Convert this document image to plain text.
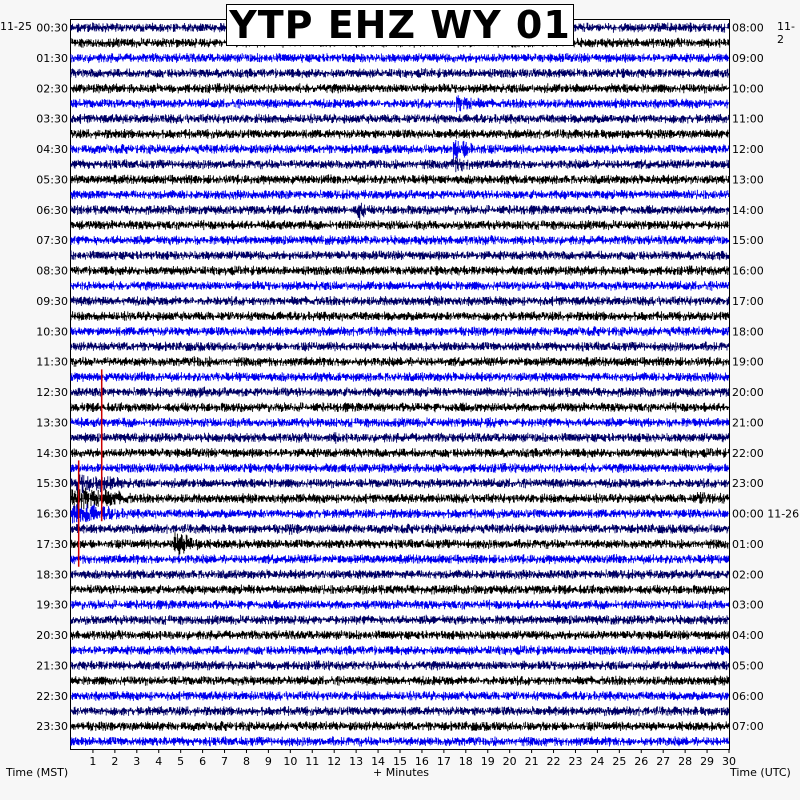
11-25	11-2
1 2 3 4 5 6 7 8 9 10 11 12 13 14 15 16 17 18 19 20 21 22 23 24 25 26 27 28 29 30
00:30
01:30
02:30
03:30
04:30
05:30
06:30
07:30
08:30
09:30
10:30
11:30
12:30
13:30
14:30
15:30
16:30
17:30
18:30
19:30
20:30
21:30
22:30
23:30
08:00
09:00
10:00
11:00
12:00
13:00
14:00
15:00
16:00
17:00
18:00
19:00
20:00
21:00
22:00
23:00
00:00 11-26
01:00
02:00
03:00
04:00
05:00
06:00
07:00
YTP EHZ WY 01
Time (MST)	+ Minutes	Time (UTC)
